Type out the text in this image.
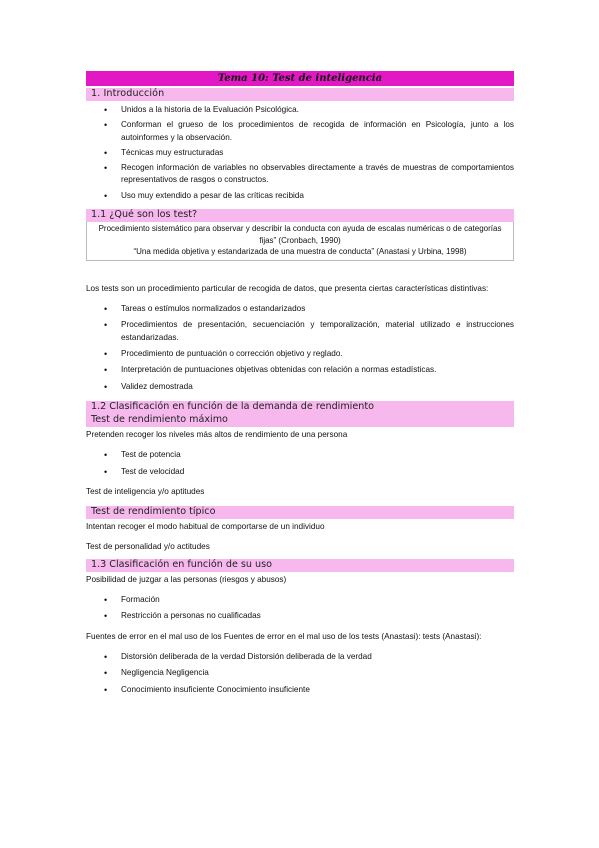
Tema 10: Test de inteligencia
1. Introducción
• Unidos a la historia de la Evaluación Psicológica.
• Conforman el grueso de los procedimientos de recogida de información en Psicología, junto a los autoinformes y la observación.
• Técnicas muy estructuradas
• Recogen información de variables no observables directamente a través de muestras de comportamientos representativos de rasgos o constructos.
• Uso muy extendido a pesar de las críticas recibida
1.1 ¿Qué son los test?
Procedimiento sistemático para observar y describir la conducta con ayuda de escalas numéricas o de categorías fijas” (Cronbach, 1990)
“Una medida objetiva y estandarizada de una muestra de conducta” (Anastasi y Urbina, 1998)

Los tests son un procedimiento particular de recogida de datos, que presenta ciertas características distintivas:

• Tareas o estímulos normalizados o estandarizados
• Procedimientos de presentación, secuenciación y temporalización, material utilizado e instrucciones estandarizadas.
• Procedimiento de puntuación o corrección objetivo y reglado.
• Interpretación de puntuaciones objetivas obtenidas con relación a normas estadísticas.
• Validez demostrada
1.2 Clasificación en función de la demanda de rendimiento
Test de rendimiento máximo

Pretenden recoger los niveles más altos de rendimiento de una persona

• Test de potencia
• Test de velocidad

Test de inteligencia y/o aptitudes

Test de rendimiento típico

Intentan recoger el modo habitual de comportarse de un individuo

Test de personalidad y/o actitudes

1.3 Clasificación en función de su uso

Posibilidad de juzgar a las personas (riesgos y abusos)

• Formación
• Restricción a personas no cualificadas

Fuentes de error en el mal uso de los Fuentes de error en el mal uso de los tests (Anastasi): tests (Anastasi):

• Distorsión deliberada de la verdad Distorsión deliberada de la verdad
• Negligencia Negligencia
• Conocimiento insuficiente Conocimiento insuficiente
